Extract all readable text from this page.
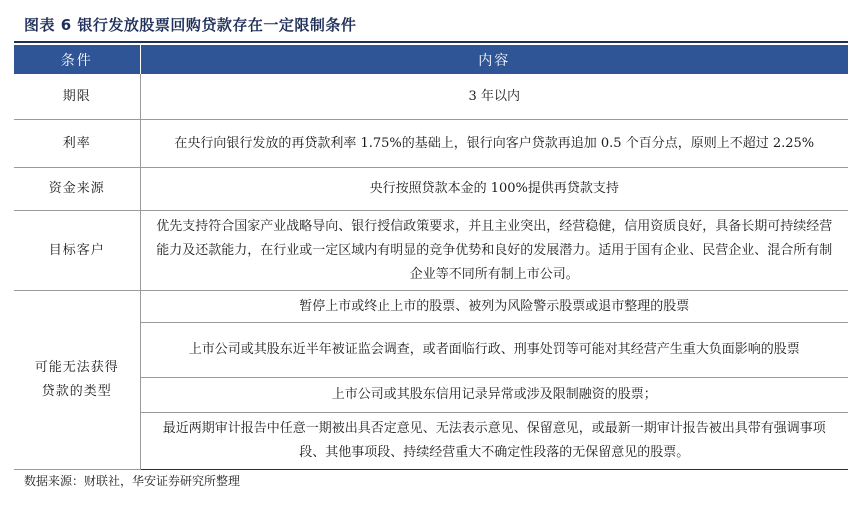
图表 6 银行发放股票回购贷款存在一定限制条件
条件	内容
期限	3 年以内
利率	在央行向银行发放的再贷款利率 1.75%的基础上，银行向客户贷款再追加 0.5 个百分点，原则上不超过 2.25%
资金来源	央行按照贷款本金的 100%提供再贷款支持
目标客户	优先支持符合国家产业战略导向、银行授信政策要求，并且主业突出，经营稳健，信用资质良好，具备长期可持续经营能力及还款能力，在行业或一定区域内有明显的竞争优势和良好的发展潜力。适用于国有企业、民营企业、混合所有制企业等不同所有制上市公司。

可能无法获得贷款的类型	暂停上市或终止上市的股票、被列为风险警示股票或退市整理的股票
	上市公司或其股东近半年被证监会调查，或者面临行政、刑事处罚等可能对其经营产生重大负面影响的股票
	上市公司或其股东信用记录异常或涉及限制融资的股票；
	最近两期审计报告中任意一期被出具否定意见、无法表示意见、保留意见，或最新一期审计报告被出具带有强调事项段、其他事项段、持续经营重大不确定性段落的无保留意见的股票。
数据来源：财联社，华安证券研究所整理
